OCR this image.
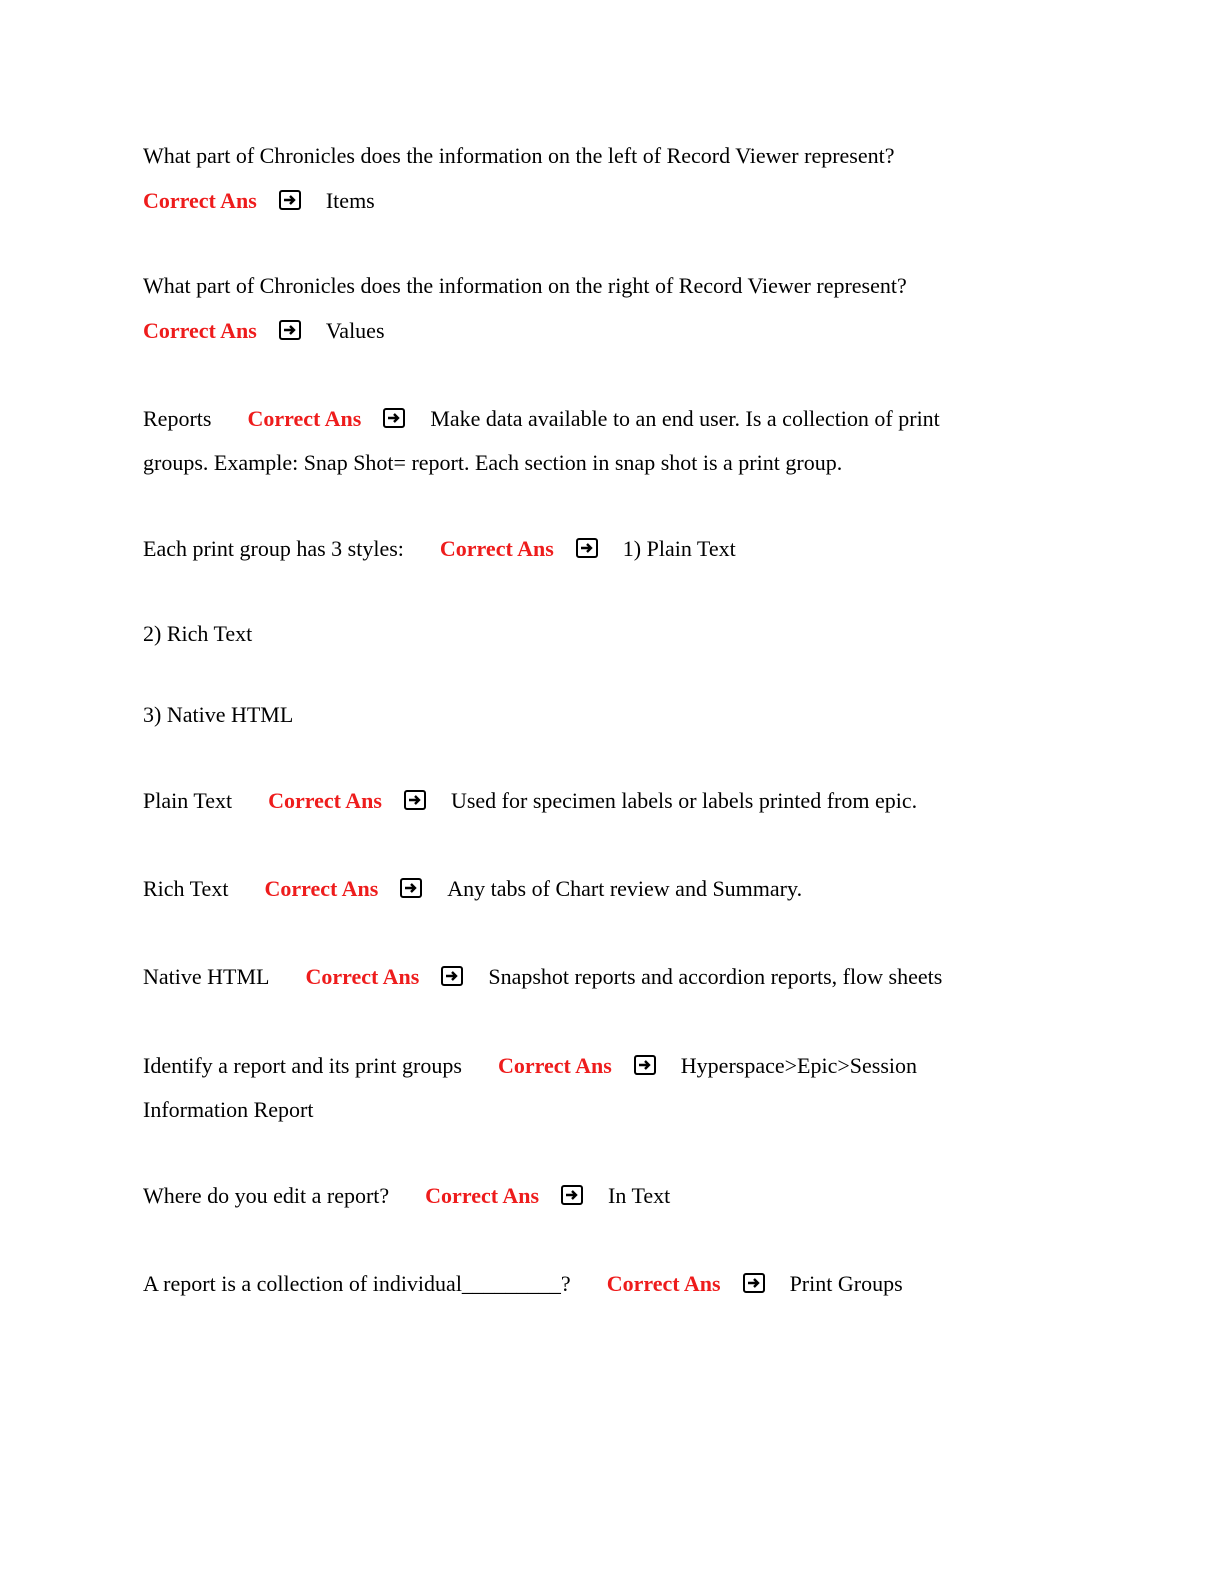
What part of Chronicles does the information on the left of Record Viewer represent?
Correct Ans	Items
What part of Chronicles does the information on the right of Record Viewer represent?
Correct Ans	Values
Reports Correct Ans	Make data available to an end user. Is a collection of print
groups. Example: Snap Shot= report. Each section in snap shot is a print group.
Each print group has 3 styles: Correct Ans	1) Plain Text
2) Rich Text
3) Native HTML
Plain Text Correct Ans	Used for specimen labels or labels printed from epic.
Rich Text Correct Ans	Any tabs of Chart review and Summary.
Native HTML Correct Ans	Snapshot reports and accordion reports, flow sheets
Identify a report and its print groups Correct Ans	Hyperspace>Epic>Session
Information Report
Where do you edit a report? Correct Ans	In Text
A report is a collection of individual_________? Correct Ans	Print Groups
